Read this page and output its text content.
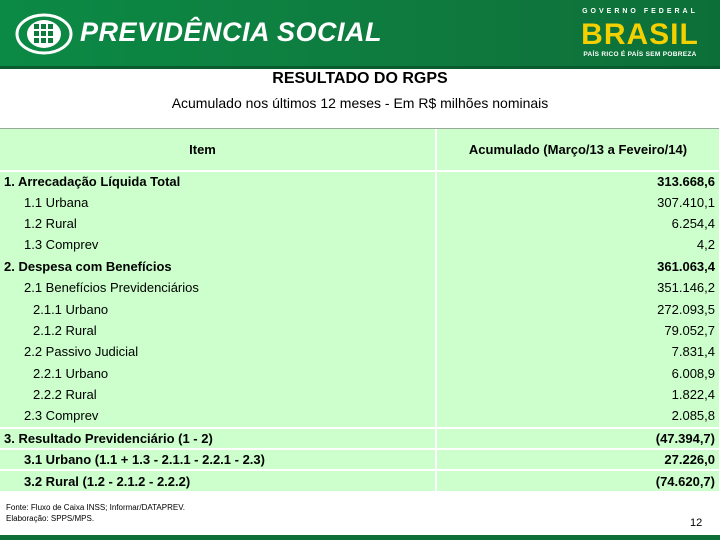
PREVIDÊNCIA SOCIAL
GOVERNO FEDERAL
BRASIL
PAÍS RICO É PAÍS SEM POBREZA
RESULTADO DO RGPS
Acumulado nos últimos 12 meses - Em R$ milhões nominais
Item	Acumulado (Março/13 a Feveiro/14)
1. Arrecadação Líquida Total	313.668,6
1.1 Urbana	307.410,1
1.2 Rural	6.254,4
1.3 Comprev	4,2
2. Despesa com Benefícios	361.063,4
2.1 Benefícios Previdenciários	351.146,2
2.1.1 Urbano	272.093,5
2.1.2 Rural	79.052,7
2.2 Passivo Judicial	7.831,4
2.2.1 Urbano	6.008,9
2.2.2 Rural	1.822,4
2.3 Comprev	2.085,8
3. Resultado Previdenciário (1 - 2)	(47.394,7)
3.1 Urbano (1.1 + 1.3 - 2.1.1 - 2.2.1 - 2.3)	27.226,0
3.2 Rural (1.2 - 2.1.2 - 2.2.2)	(74.620,7)
Fonte: Fluxo de Caixa INSS; Informar/DATAPREV.
Elaboração: SPPS/MPS.	12
